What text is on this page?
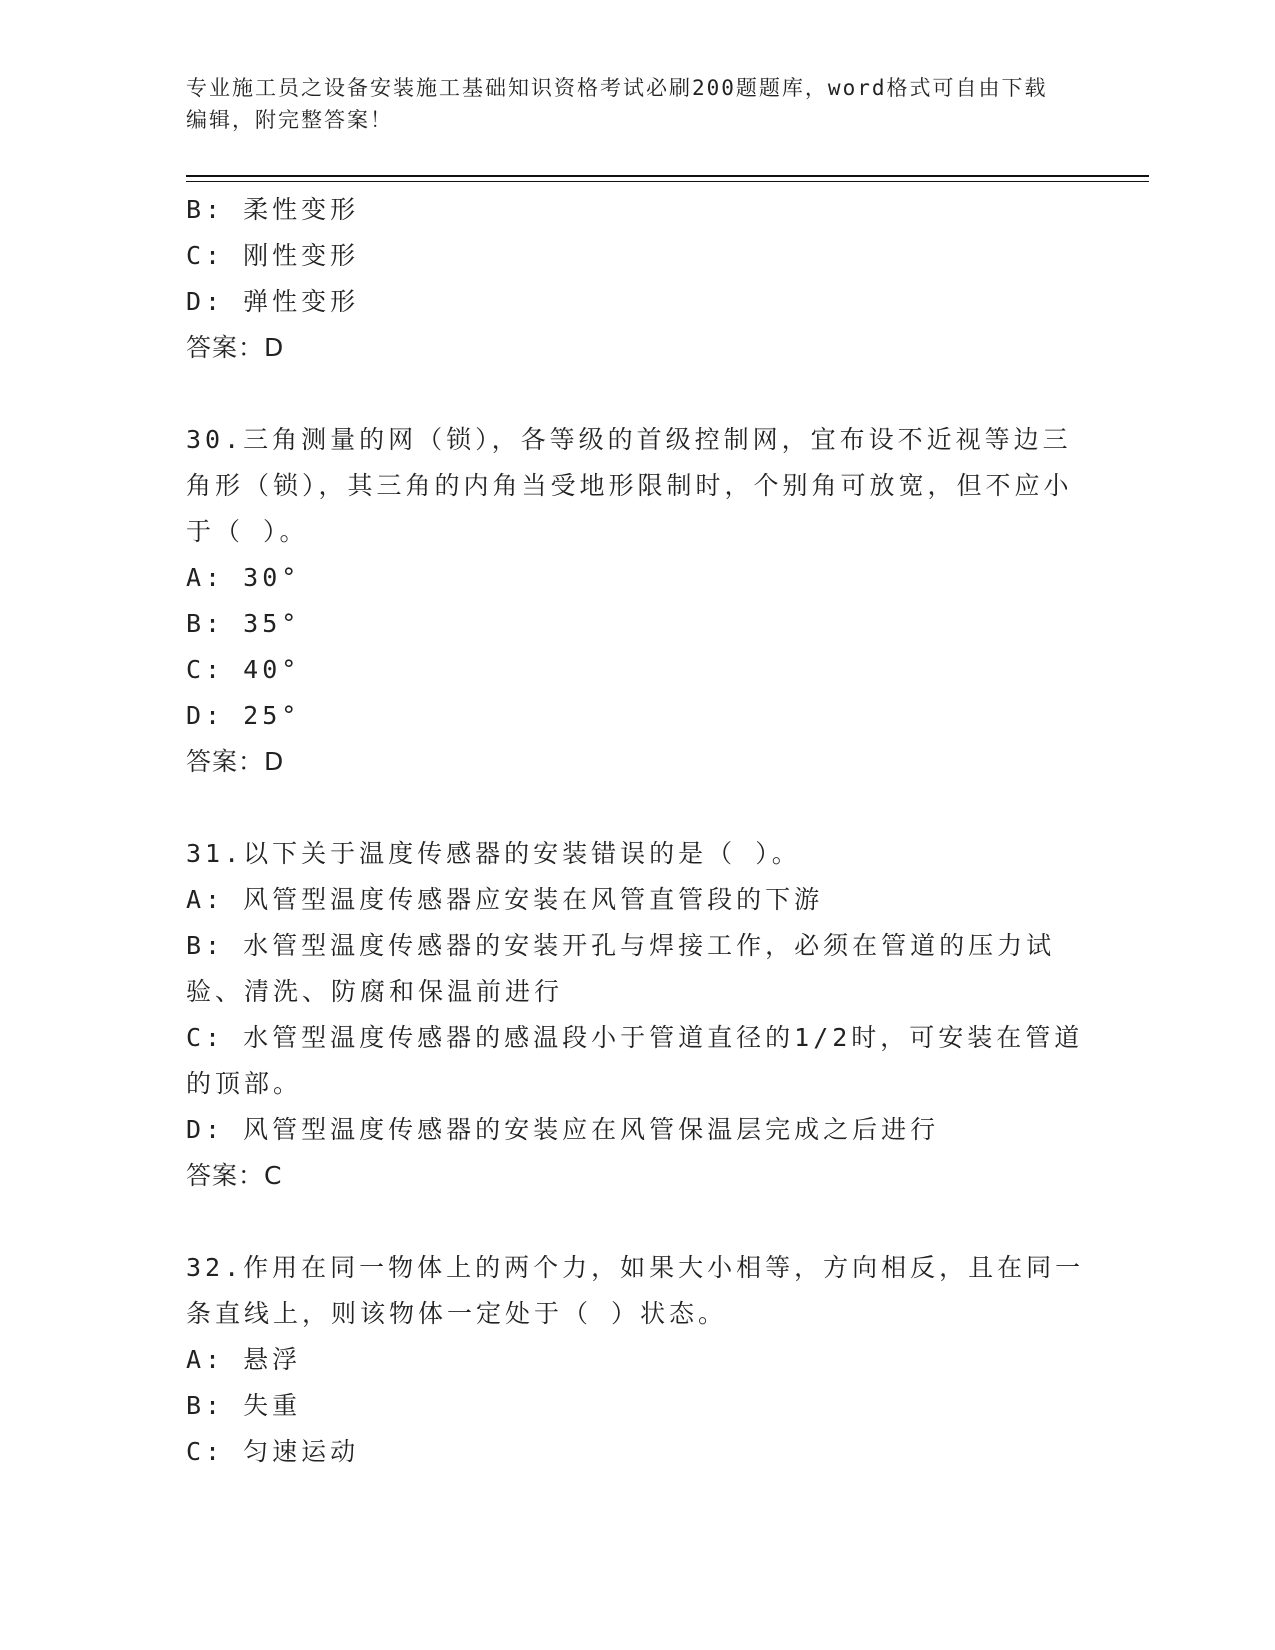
专业施工员之设备安装施工基础知识资格考试必刷200题题库，word格式可自由下载编辑，附完整答案！

B: 柔性变形

C: 刚性变形

D: 弹性变形

答案：D

30.三角测量的网（锁），各等级的首级控制网，宜布设不近视等边三角形（锁），其三角的内角当受地形限制时，个别角可放宽，但不应小于（ ）。

A: 30°

B: 35°

C: 40°

D: 25°

答案：D

31.以下关于温度传感器的安装错误的是（ ）。

A: 风管型温度传感器应安装在风管直管段的下游

B: 水管型温度传感器的安装开孔与焊接工作，必须在管道的压力试验、清洗、防腐和保温前进行

C: 水管型温度传感器的感温段小于管道直径的1/2时，可安装在管道的顶部。

D: 风管型温度传感器的安装应在风管保温层完成之后进行

答案：C

32.作用在同一物体上的两个力，如果大小相等，方向相反，且在同一条直线上，则该物体一定处于（ ）状态。

A: 悬浮

B: 失重

C: 匀速运动
